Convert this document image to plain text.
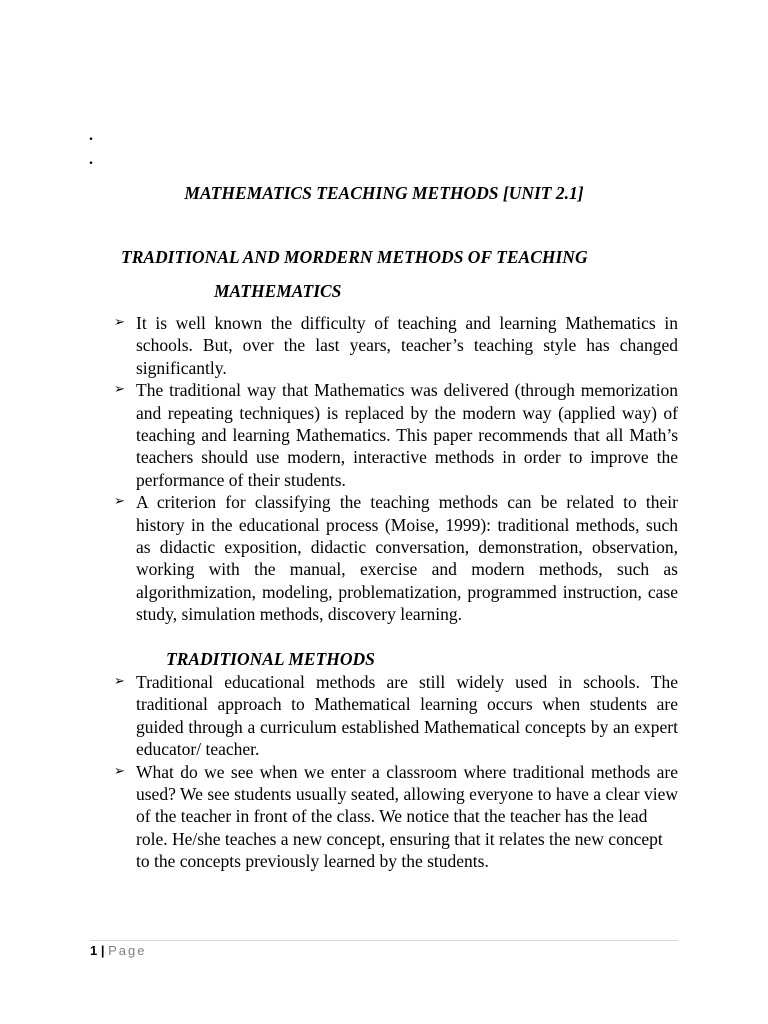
.
.
MATHEMATICS TEACHING METHODS [UNIT 2.1]
TRADITIONAL AND MORDERN METHODS OF TEACHING
MATHEMATICS
➢ It is well known the difficulty of teaching and learning Mathematics in schools. But, over the last years, teacher’s teaching style has changed significantly.
➢ The traditional way that Mathematics was delivered (through memorization and repeating techniques) is replaced by the modern way (applied way) of teaching and learning Mathematics. This paper recommends that all Math’s teachers should use modern, interactive methods in order to improve the performance of their students.
➢ A criterion for classifying the teaching methods can be related to their history in the educational process (Moise, 1999): traditional methods, such as didactic exposition, didactic conversation, demonstration, observation, working with the manual, exercise and modern methods, such as algorithmization, modeling, problematization, programmed instruction, case study, simulation methods, discovery learning.
TRADITIONAL METHODS
➢ Traditional educational methods are still widely used in schools. The traditional approach to Mathematical learning occurs when students are guided through a curriculum established Mathematical concepts by an expert educator/ teacher.
➢ What do we see when we enter a classroom where traditional methods are used? We see students usually seated, allowing everyone to have a clear view of the teacher in front of the class. We notice that the teacher has the lead
role. He/she teaches a new concept, ensuring that it relates the new concept to the concepts previously learned by the students.
1 | Page
